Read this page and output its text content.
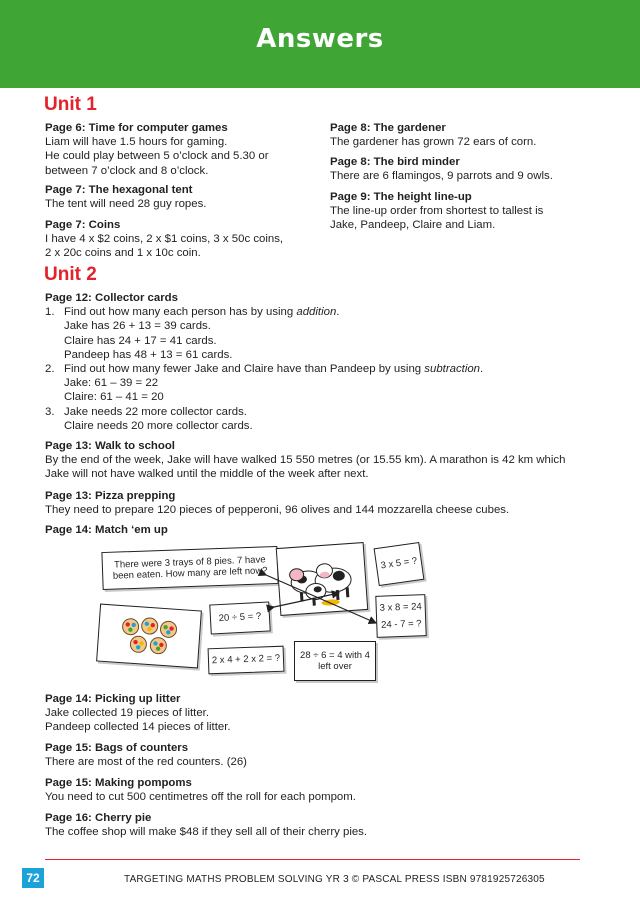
Answers
Unit 1

Page 6: Time for computer games

Liam will have 1.5 hours for gaming.

He could play between 5 o’clock and 5.30 or

between 7 o’clock and 8 o’clock.

Page 7: The hexagonal tent

The tent will need 28 guy ropes.

Page 7: Coins

I have 4 x $2 coins, 2 x $1 coins, 3 x 50c coins,

2 x 20c coins and 1 x 10c coin.

Page 8: The gardener

The gardener has grown 72 ears of corn.

Page 8: The bird minder

There are 6 flamingos, 9 parrots and 9 owls.

Page 9: The height line-up

The line-up order from shortest to tallest is

Jake, Pandeep, Claire and Liam.

Unit 2

Page 12: Collector cards

1. Find out how many each person has by using addition.

Jake has 26 + 13 = 39 cards.

Claire has 24 + 17 = 41 cards.

Pandeep has 48 + 13 = 61 cards.

2. Find out how many fewer Jake and Claire have than Pandeep by using subtraction.

Jake: 61 – 39 = 22

Claire: 61 – 41 = 20

3. Jake needs 22 more collector cards.

Claire needs 20 more collector cards.

Page 13: Walk to school

By the end of the week, Jake will have walked 15 550 metres (or 15.55 km). A marathon is 42 km which

Jake will not have walked until the middle of the week after next.

Page 13: Pizza prepping

They need to prepare 120 pieces of pepperoni, 96 olives and 144 mozzarella cheese cubes.

Page 14: Match ‘em up

There were 3 trays of 8 pies. 7 have been eaten. How many are left now?
20 ÷ 5 = ?
2 x 4 + 2 x 2 = ?	28 ÷ 6 = 4 with 4 left over
3 x 5 = ?
3 x 8 = 24
24 - 7 = ?

Page 14: Picking up litter

Jake collected 19 pieces of litter.

Pandeep collected 14 pieces of litter.

Page 15: Bags of counters

There are most of the red counters. (26)

Page 15: Making pompoms

You need to cut 500 centimetres off the roll for each pompom.

Page 16: Cherry pie

The coffee shop will make $48 if they sell all of their cherry pies.

72	TARGETING MATHS PROBLEM SOLVING YR 3 © PASCAL PRESS ISBN 9781925726305
